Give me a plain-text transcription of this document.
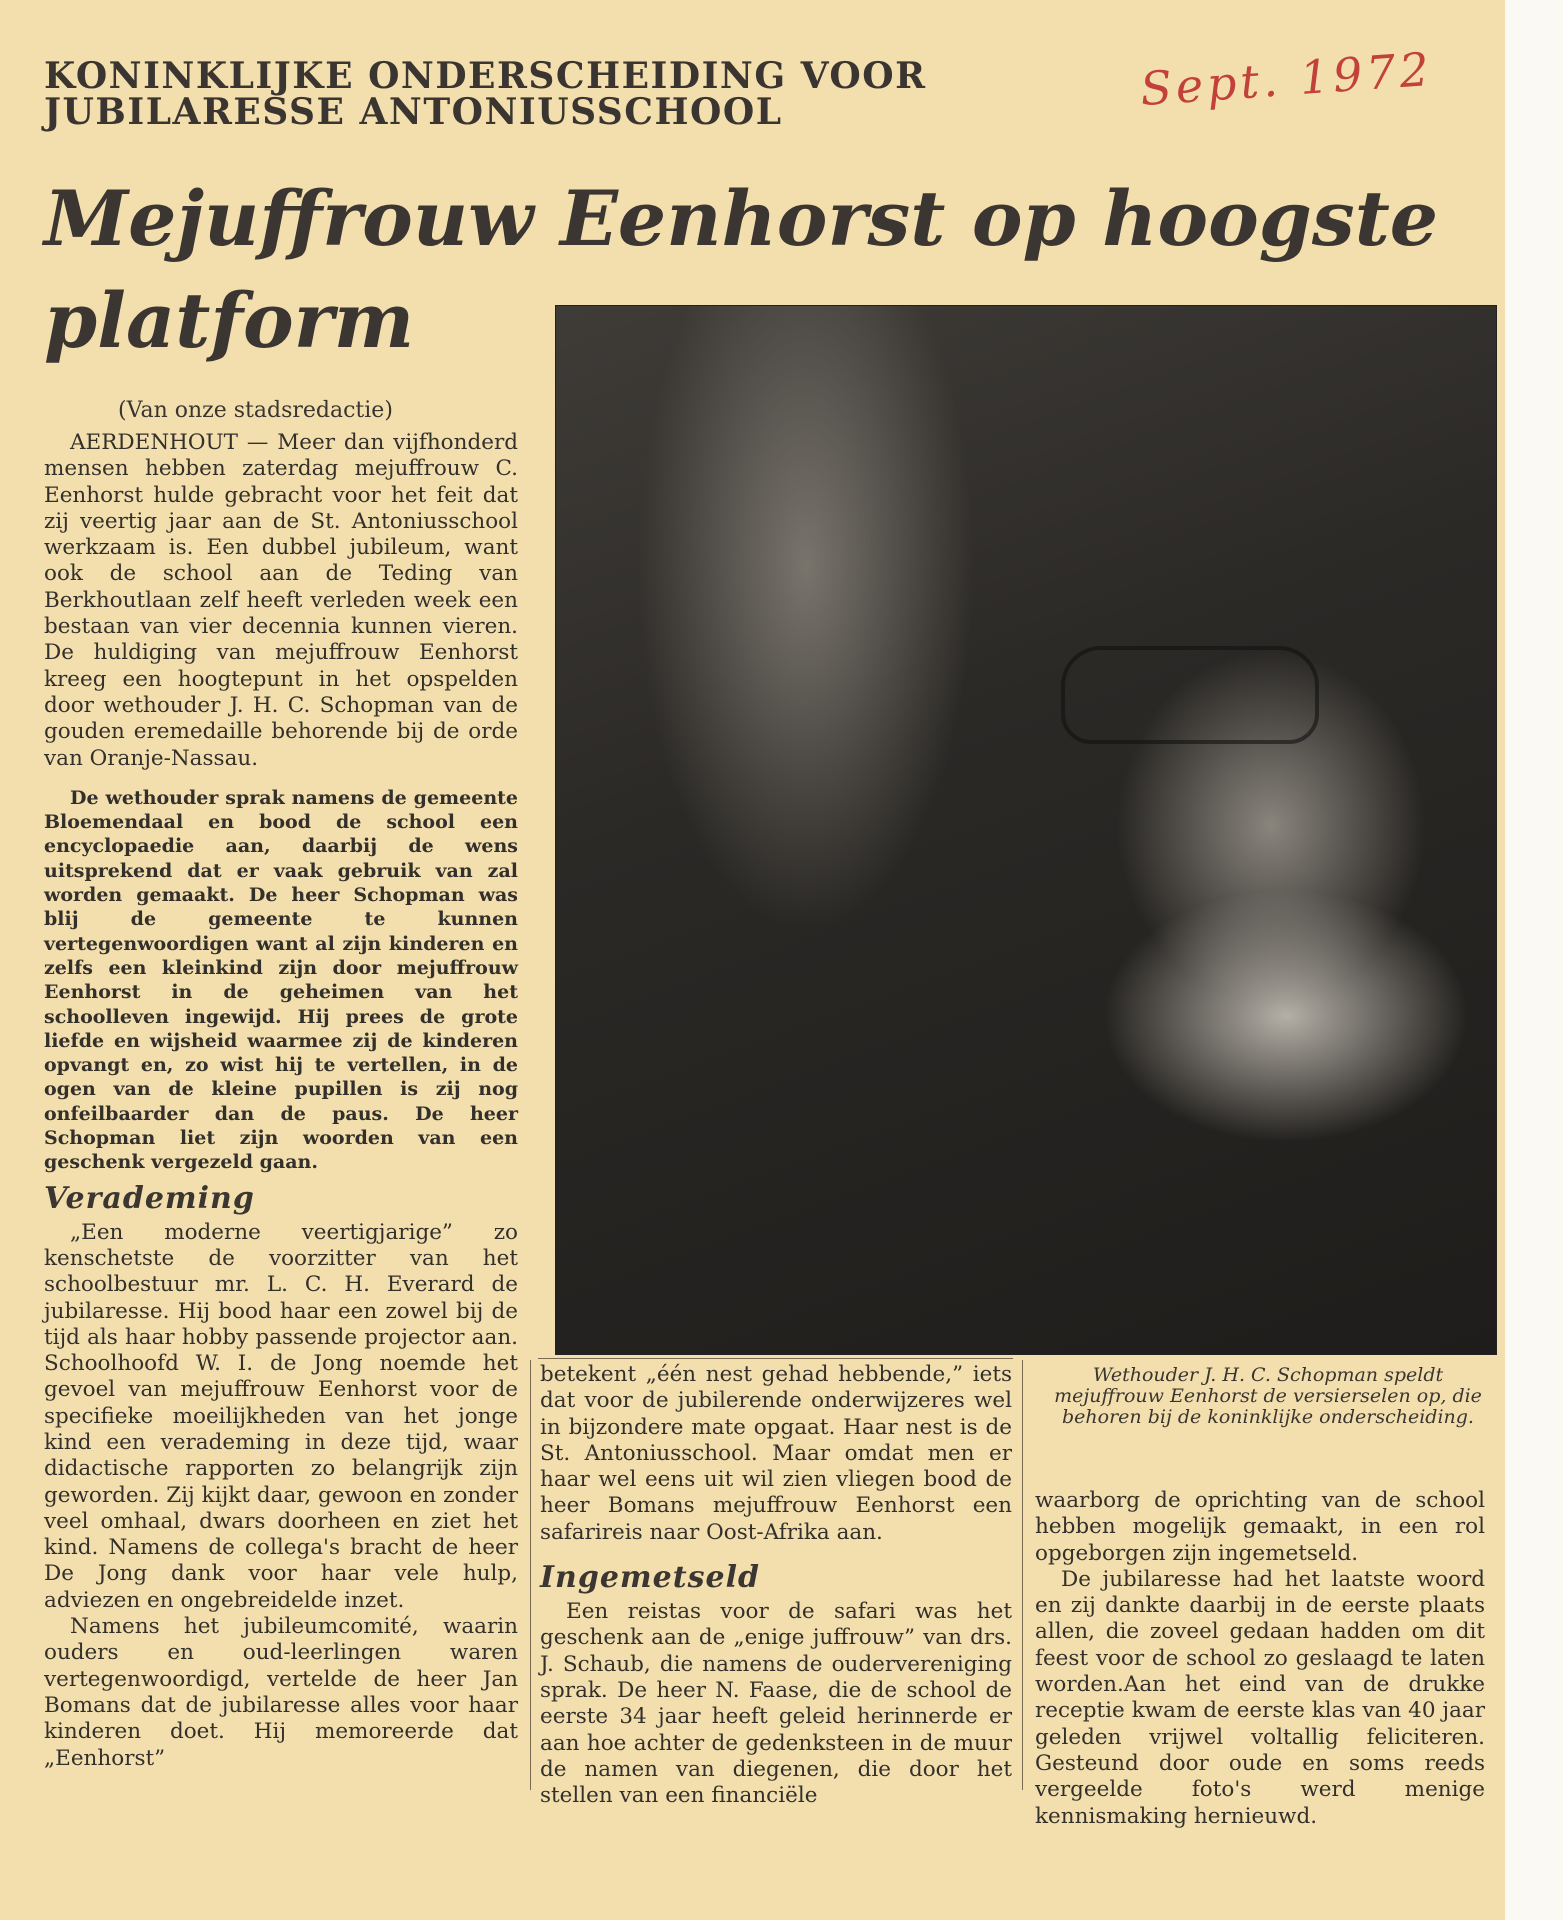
KONINKLIJKE ONDERSCHEIDING VOOR
JUBILARESSE ANTONIUSSCHOOL	Sept. 1972
Mejuffrouw Eenhorst op hoogste platform
Wethouder J. H. C. Schopman speldt mejuffrouw Eenhorst de versierselen op, die behoren bij de koninklijke onderscheiding.
(Van onze stadsredactie)

AERDENHOUT — Meer dan vijfhonderd mensen hebben zaterdag mejuffrouw C. Eenhorst hulde gebracht voor het feit dat zij veertig jaar aan de St. Antoniusschool werkzaam is. Een dubbel jubileum, want ook de school aan de Teding van Berkhoutlaan zelf heeft verleden week een bestaan van vier decennia kunnen vieren. De huldiging van mejuffrouw Eenhorst kreeg een hoogtepunt in het opspelden door wethouder J. H. C. Schopman van de gouden eremedaille behorende bij de orde van Oranje-Nassau.

De wethouder sprak namens de gemeente Bloemendaal en bood de school een encyclopaedie aan, daarbij de wens uitsprekend dat er vaak gebruik van zal worden gemaakt. De heer Schopman was blij de gemeente te kunnen vertegenwoordigen want al zijn kinderen en zelfs een kleinkind zijn door mejuffrouw Eenhorst in de geheimen van het schoolleven ingewijd. Hij prees de grote liefde en wijsheid waarmee zij de kinderen opvangt en, zo wist hij te vertellen, in de ogen van de kleine pupillen is zij nog onfeilbaarder dan de paus. De heer Schopman liet zijn woorden van een geschenk vergezeld gaan.

Verademing

„Een moderne veertigjarige” zo kenschetste de voorzitter van het schoolbestuur mr. L. C. H. Everard de jubilaresse. Hij bood haar een zowel bij de tijd als haar hobby passende projector aan. Schoolhoofd W. I. de Jong noemde het gevoel van mejuffrouw Eenhorst voor de specifieke moeilijkheden van het jonge kind een verademing in deze tijd, waar didactische rapporten zo belangrijk zijn geworden. Zij kijkt daar, gewoon en zonder veel omhaal, dwars doorheen en ziet het kind. Namens de collega's bracht de heer De Jong dank voor haar vele hulp, adviezen en ongebreidelde inzet.

Namens het jubileumcomité, waarin ouders en oud-leerlingen waren vertegenwoordigd, vertelde de heer Jan Bomans dat de jubilaresse alles voor haar kinderen doet. Hij memoreerde dat „Eenhorst”

betekent „één nest gehad hebbende,” iets dat voor de jubilerende onderwijzeres wel in bijzondere mate opgaat. Haar nest is de St. Antoniusschool. Maar omdat men er haar wel eens uit wil zien vliegen bood de heer Bomans mejuffrouw Eenhorst een safarireis naar Oost-Afrika aan.

Ingemetseld

Een reistas voor de safari was het geschenk aan de „enige juffrouw” van drs. J. Schaub, die namens de oudervereniging sprak. De heer N. Faase, die de school de eerste 34 jaar heeft geleid herinnerde er aan hoe achter de gedenksteen in de muur de namen van diegenen, die door het stellen van een financiële

waarborg de oprichting van de school hebben mogelijk gemaakt, in een rol opgeborgen zijn ingemetseld.

De jubilaresse had het laatste woord en zij dankte daarbij in de eerste plaats allen, die zoveel gedaan hadden om dit feest voor de school zo geslaagd te laten worden.Aan het eind van de drukke receptie kwam de eerste klas van 40 jaar geleden vrijwel voltallig feliciteren. Gesteund door oude en soms reeds vergeelde foto's werd menige kennismaking hernieuwd.
